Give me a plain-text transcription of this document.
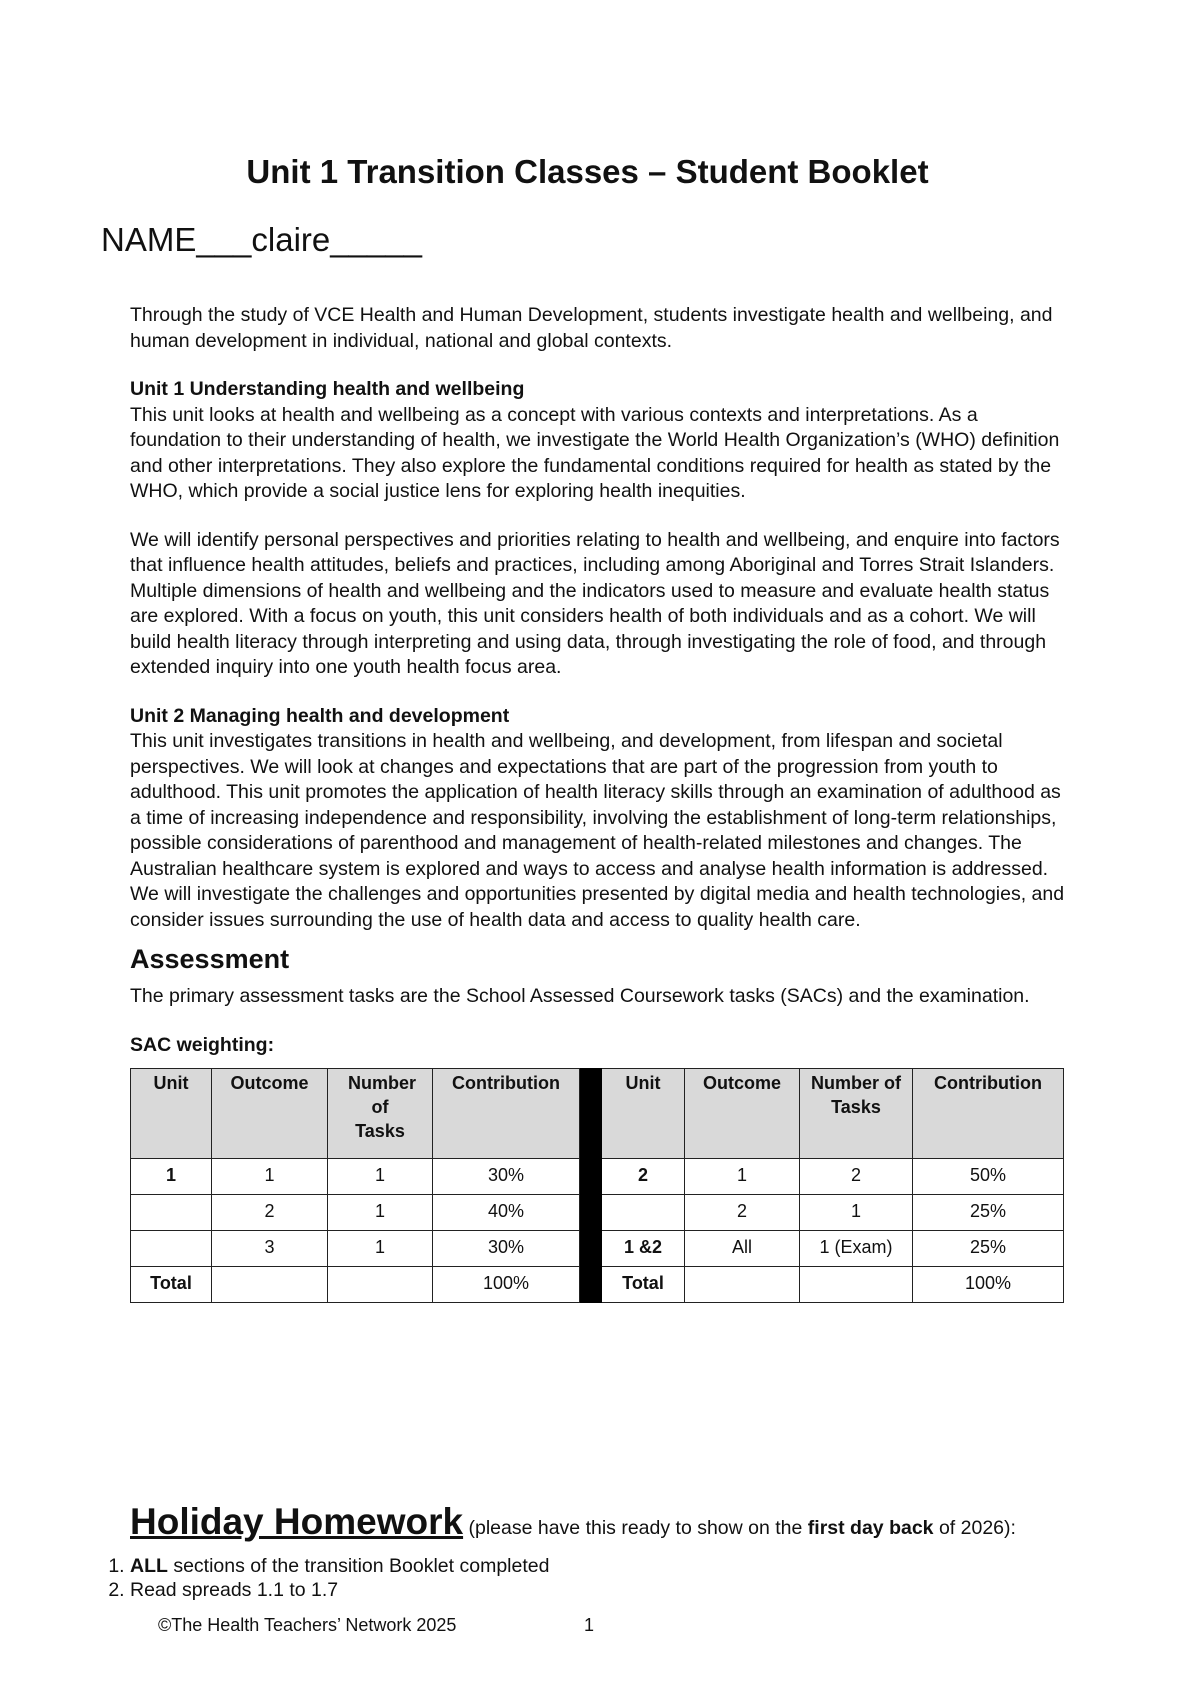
Unit 1 Transition Classes – Student Booklet
NAME___claire_____

Through the study of VCE Health and Human Development, students investigate health and wellbeing, and human development in individual, national and global contexts.

Unit 1 Understanding health and wellbeing

This unit looks at health and wellbeing as a concept with various contexts and interpretations. As a foundation to their understanding of health, we investigate the World Health Organization’s (WHO) definition and other interpretations. They also explore the fundamental conditions required for health as stated by the WHO, which provide a social justice lens for exploring health inequities.

We will identify personal perspectives and priorities relating to health and wellbeing, and enquire into factors that influence health attitudes, beliefs and practices, including among Aboriginal and Torres Strait Islanders. Multiple dimensions of health and wellbeing and the indicators used to measure and evaluate health status are explored. With a focus on youth, this unit considers health of both individuals and as a cohort. We will build health literacy through interpreting and using data, through investigating the role of food, and through extended inquiry into one youth health focus area.

Unit 2 Managing health and development

This unit investigates transitions in health and wellbeing, and development, from lifespan and societal perspectives. We will look at changes and expectations that are part of the progression from youth to adulthood. This unit promotes the application of health literacy skills through an examination of adulthood as a time of increasing independence and responsibility, involving the establishment of long-term relationships, possible considerations of parenthood and management of health-related milestones and changes. The Australian healthcare system is explored and ways to access and analyse health information is addressed. We will investigate the challenges and opportunities presented by digital media and health technologies, and consider issues surrounding the use of health data and access to quality health care.

Assessment

The primary assessment tasks are the School Assessed Coursework tasks (SACs) and the examination.

SAC weighting:

Unit	Outcome	Number of Tasks	Contribution		Unit	Outcome	Number of Tasks	Contribution
1	1	1	30%		2	1	2	50%
	2	1	40%			2	1	25%
	3	1	30%		1 &2	All	1 (Exam)	25%
Total			100%		Total			100%
Holiday Homework (please have this ready to show on the first day back of 2026):
1. ALL sections of the transition Booklet completed
2. Read spreads 1.1 to 1.7
©The Health Teachers’ Network 2025	1
